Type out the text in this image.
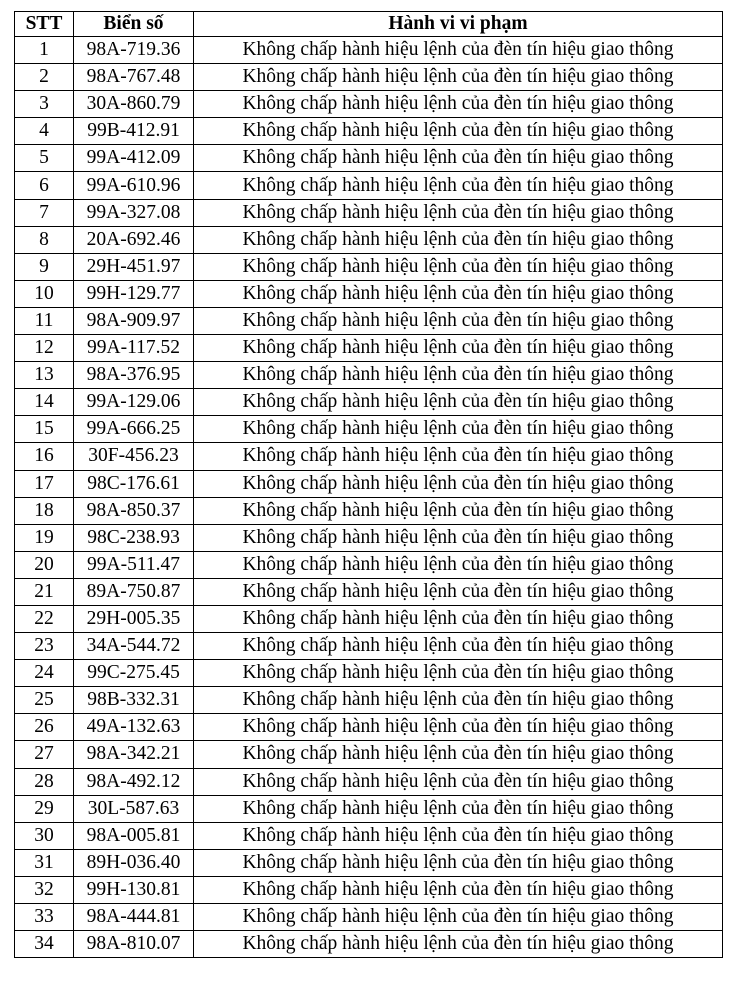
STT	Biển số	Hành vi vi phạm
1	98A-719.36	Không chấp hành hiệu lệnh của đèn tín hiệu giao thông
2	98A-767.48	Không chấp hành hiệu lệnh của đèn tín hiệu giao thông
3	30A-860.79	Không chấp hành hiệu lệnh của đèn tín hiệu giao thông
4	99B-412.91	Không chấp hành hiệu lệnh của đèn tín hiệu giao thông
5	99A-412.09	Không chấp hành hiệu lệnh của đèn tín hiệu giao thông
6	99A-610.96	Không chấp hành hiệu lệnh của đèn tín hiệu giao thông
7	99A-327.08	Không chấp hành hiệu lệnh của đèn tín hiệu giao thông
8	20A-692.46	Không chấp hành hiệu lệnh của đèn tín hiệu giao thông
9	29H-451.97	Không chấp hành hiệu lệnh của đèn tín hiệu giao thông
10	99H-129.77	Không chấp hành hiệu lệnh của đèn tín hiệu giao thông
11	98A-909.97	Không chấp hành hiệu lệnh của đèn tín hiệu giao thông
12	99A-117.52	Không chấp hành hiệu lệnh của đèn tín hiệu giao thông
13	98A-376.95	Không chấp hành hiệu lệnh của đèn tín hiệu giao thông
14	99A-129.06	Không chấp hành hiệu lệnh của đèn tín hiệu giao thông
15	99A-666.25	Không chấp hành hiệu lệnh của đèn tín hiệu giao thông
16	30F-456.23	Không chấp hành hiệu lệnh của đèn tín hiệu giao thông
17	98C-176.61	Không chấp hành hiệu lệnh của đèn tín hiệu giao thông
18	98A-850.37	Không chấp hành hiệu lệnh của đèn tín hiệu giao thông
19	98C-238.93	Không chấp hành hiệu lệnh của đèn tín hiệu giao thông
20	99A-511.47	Không chấp hành hiệu lệnh của đèn tín hiệu giao thông
21	89A-750.87	Không chấp hành hiệu lệnh của đèn tín hiệu giao thông
22	29H-005.35	Không chấp hành hiệu lệnh của đèn tín hiệu giao thông
23	34A-544.72	Không chấp hành hiệu lệnh của đèn tín hiệu giao thông
24	99C-275.45	Không chấp hành hiệu lệnh của đèn tín hiệu giao thông
25	98B-332.31	Không chấp hành hiệu lệnh của đèn tín hiệu giao thông
26	49A-132.63	Không chấp hành hiệu lệnh của đèn tín hiệu giao thông
27	98A-342.21	Không chấp hành hiệu lệnh của đèn tín hiệu giao thông
28	98A-492.12	Không chấp hành hiệu lệnh của đèn tín hiệu giao thông
29	30L-587.63	Không chấp hành hiệu lệnh của đèn tín hiệu giao thông
30	98A-005.81	Không chấp hành hiệu lệnh của đèn tín hiệu giao thông
31	89H-036.40	Không chấp hành hiệu lệnh của đèn tín hiệu giao thông
32	99H-130.81	Không chấp hành hiệu lệnh của đèn tín hiệu giao thông
33	98A-444.81	Không chấp hành hiệu lệnh của đèn tín hiệu giao thông
34	98A-810.07	Không chấp hành hiệu lệnh của đèn tín hiệu giao thông
